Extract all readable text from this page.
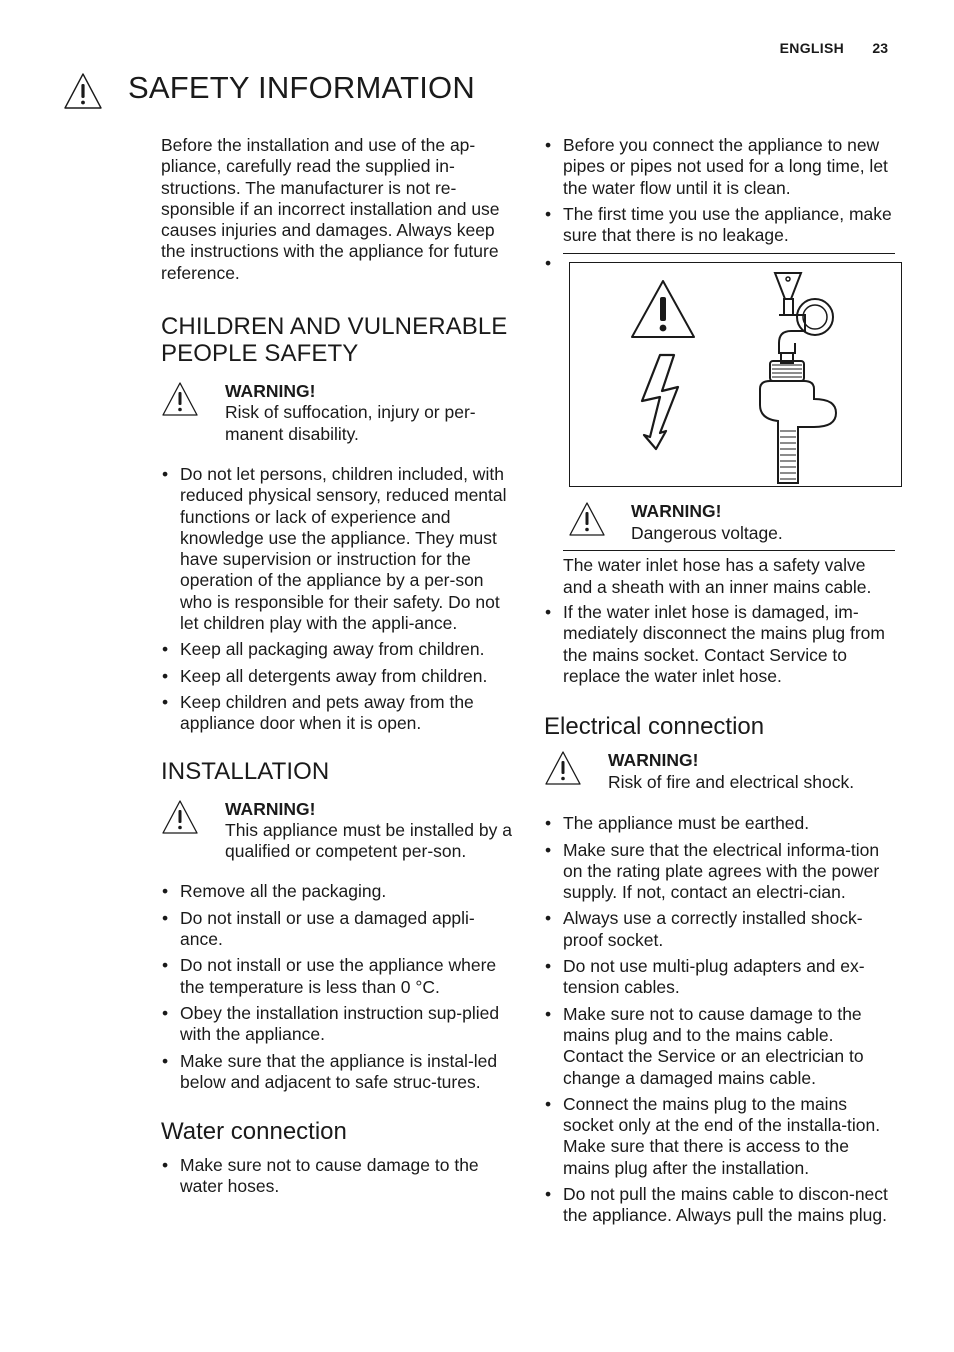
ENGLISH 23
SAFETY INFORMATION

Before the installation and use of the ap-pliance, carefully read the supplied in-structions. The manufacturer is not re-sponsible if an incorrect installation and use causes injuries and damages. Always keep the instructions with the appliance for future reference.

CHILDREN AND VULNERABLE
PEOPLE SAFETY
WARNING!
Risk of suffocation, injury or per-manent disability.
• Do not let persons, children included, with reduced physical sensory, reduced mental functions or lack of experience and knowledge use the appliance. They must have supervision or instruction for the operation of the appliance by a per-son who is responsible for their safety. Do not let children play with the appli-ance.
• Keep all packaging away from children.
• Keep all detergents away from children.
• Keep children and pets away from the appliance door when it is open.
INSTALLATION
WARNING!
This appliance must be installed by a qualified or competent per-son.
• Remove all the packaging.
• Do not install or use a damaged appli-ance.
• Do not install or use the appliance where the temperature is less than 0 °C.
• Obey the installation instruction sup-plied with the appliance.
• Make sure that the appliance is instal-led below and adjacent to safe struc-tures.
Water connection
• Make sure not to cause damage to the water hoses.
• Before you connect the appliance to new pipes or pipes not used for a long time, let the water flow until it is clean.
• The first time you use the appliance, make sure that there is no leakage.
• WARNING!
Dangerous voltage.

The water inlet hose has a safety valve and a sheath with an inner mains cable.

• If the water inlet hose is damaged, im-mediately disconnect the mains plug from the mains socket. Contact Service to replace the water inlet hose.
Electrical connection
WARNING!
Risk of fire and electrical shock.
• The appliance must be earthed.
• Make sure that the electrical informa-tion on the rating plate agrees with the power supply. If not, contact an electri-cian.
• Always use a correctly installed shock-proof socket.
• Do not use multi-plug adapters and ex-tension cables.
• Make sure not to cause damage to the mains plug and to the mains cable. Contact the Service or an electrician to change a damaged mains cable.
• Connect the mains plug to the mains socket only at the end of the installa-tion. Make sure that there is access to the mains plug after the installation.
• Do not pull the mains cable to discon-nect the appliance. Always pull the mains plug.
